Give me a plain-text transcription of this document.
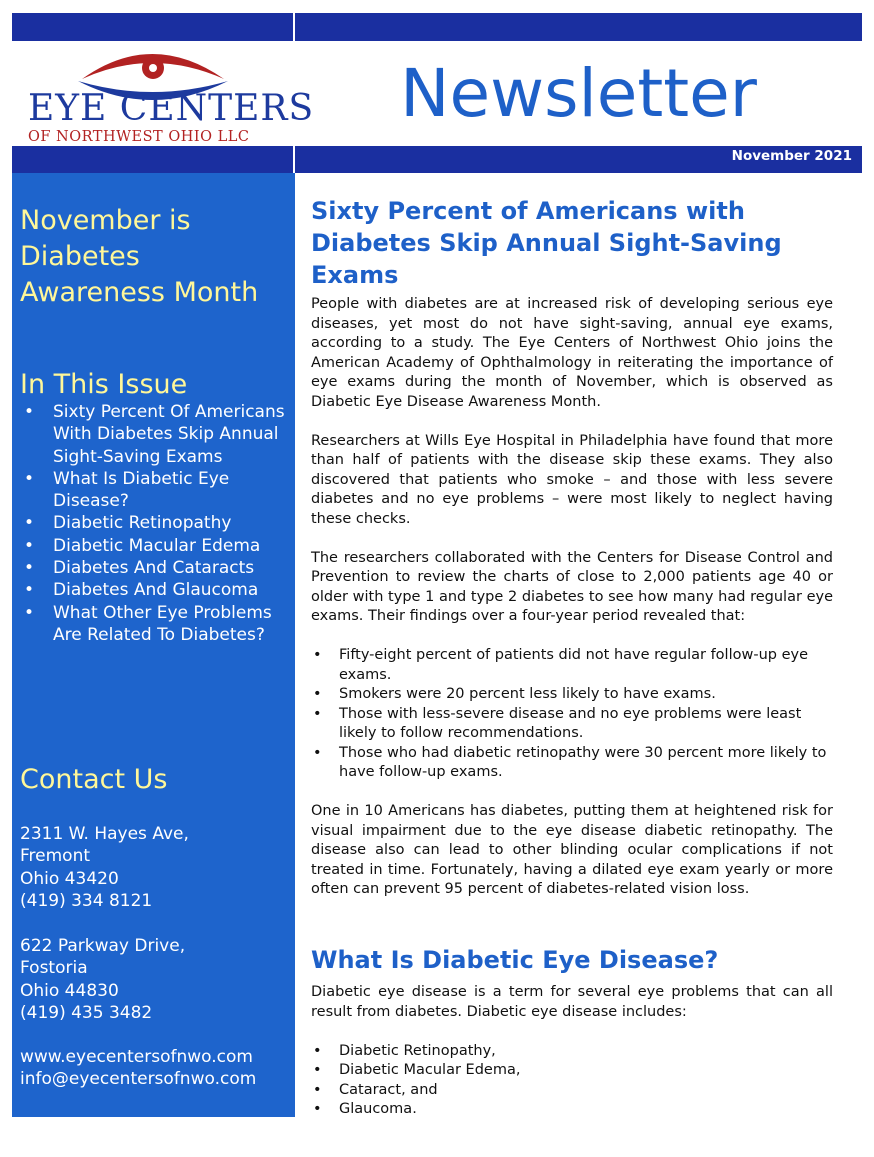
EYE CENTERS
OF NORTHWEST OHIO LLC
Newsletter
November 2021
November is
Diabetes
Awareness Month
In This Issue
• Sixty Percent Of Americans With Diabetes Skip Annual Sight-Saving Exams
• What Is Diabetic Eye Disease?
• Diabetic Retinopathy
• Diabetic Macular Edema
• Diabetes And Cataracts
• Diabetes And Glaucoma
• What Other Eye Problems Are Related To Diabetes?
Contact Us
2311 W. Hayes Ave,
Fremont
Ohio 43420
(419) 334 8121
622 Parkway Drive,
Fostoria
Ohio 44830
(419) 435 3482
www.eyecentersofnwo.com
info@eyecentersofnwo.com
Sixty Percent of Americans with Diabetes Skip Annual Sight-Saving Exams

People with diabetes are at increased risk of developing serious eye diseases, yet most do not have sight-saving, annual eye exams, according to a study. The Eye Centers of Northwest Ohio joins the American Academy of Ophthalmology in reiterating the importance of eye exams during the month of November, which is observed as Diabetic Eye Disease Awareness Month.

Researchers at Wills Eye Hospital in Philadelphia have found that more than half of patients with the disease skip these exams. They also discovered that patients who smoke – and those with less severe diabetes and no eye problems – were most likely to neglect having these checks.

The researchers collaborated with the Centers for Disease Control and Prevention to review the charts of close to 2,000 patients age 40 or older with type 1 and type 2 diabetes to see how many had regular eye exams. Their findings over a four-year period revealed that:

• Fifty-eight percent of patients did not have regular follow-up eye exams.
• Smokers were 20 percent less likely to have exams.
• Those with less-severe disease and no eye problems were least likely to follow recommendations.
• Those who had diabetic retinopathy were 30 percent more likely to have follow-up exams.

One in 10 Americans has diabetes, putting them at heightened risk for visual impairment due to the eye disease diabetic retinopathy. The disease also can lead to other blinding ocular complications if not treated in time. Fortunately, having a dilated eye exam yearly or more often can prevent 95 percent of diabetes-related vision loss.

What Is Diabetic Eye Disease?

Diabetic eye disease is a term for several eye problems that can all result from diabetes. Diabetic eye disease includes:

• Diabetic Retinopathy,
• Diabetic Macular Edema,
• Cataract, and
• Glaucoma.
